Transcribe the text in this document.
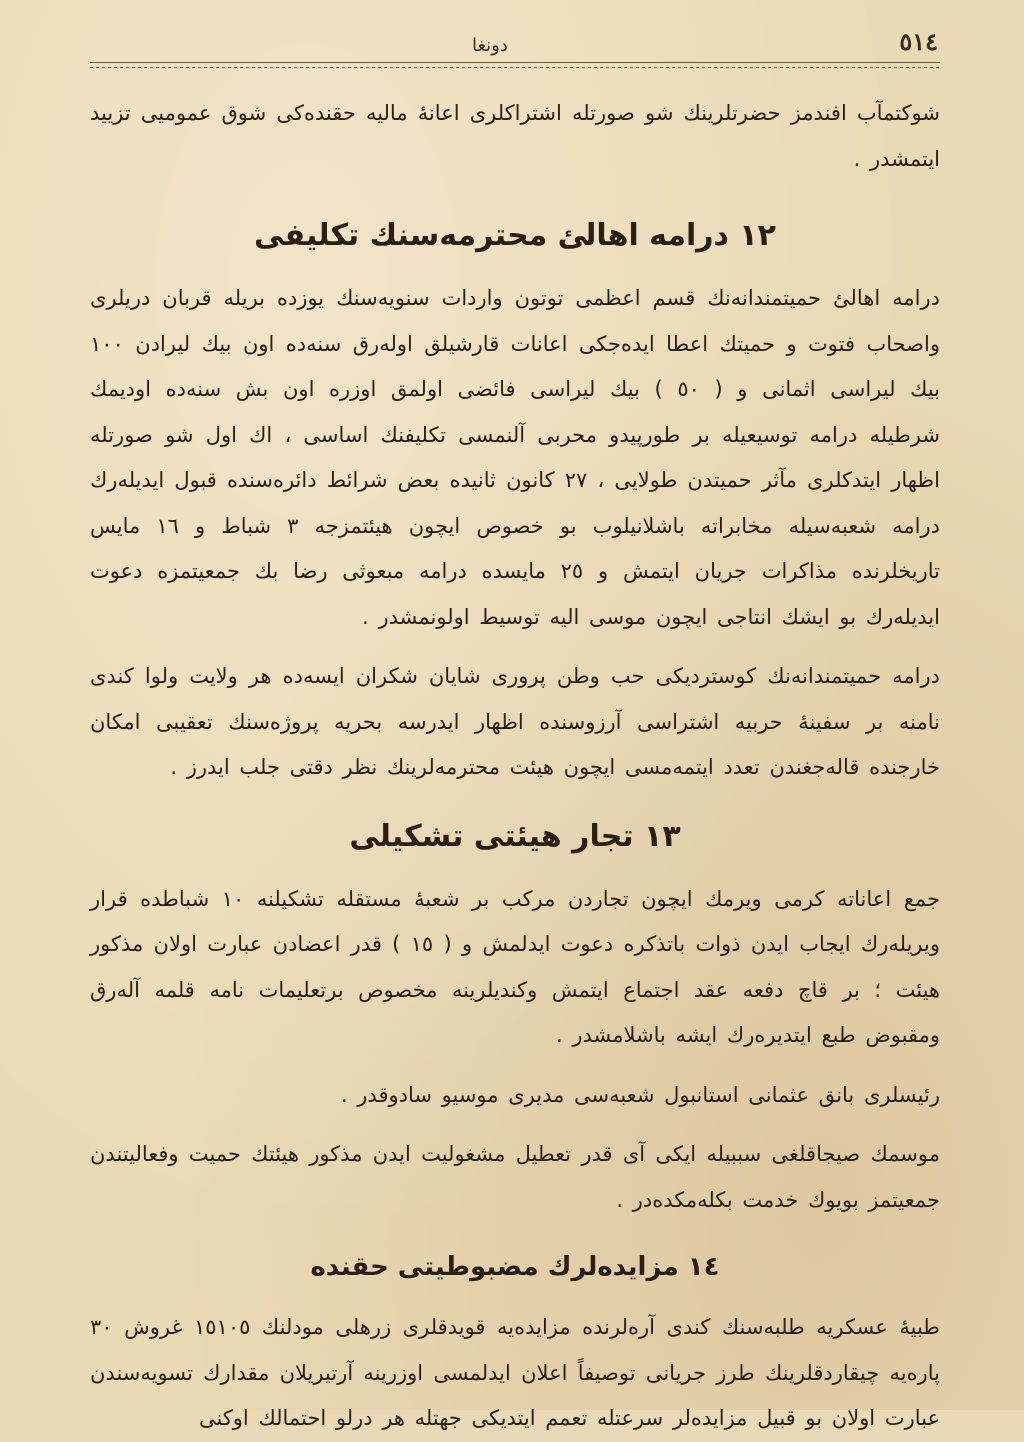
٥١٤
دونغا

شوكتمآب افندمز حضرتلرينك شو صورتله اشتراكلری اعانهٔ ماليه حقنده‌كی شوق عموميی تزييد ايتمشدر .

١٢ درامه اهالئ محترمه‌سنك تكليفی

درامه اهالئ حميتمندانه‌نك قسم اعظمی توتون واردات سنويه‌سنك يوزده بريله قربان دريلری واصحاب فتوت و حميتك اعطا ايده‌جكی اعانات قارشيلق اوله‌رق سنه‌ده اون بيك ليرادن ١٠٠ بيك ليراسی اثمانی و ( ٥٠ ) بيك ليراسی فائضی اولمق اوزره اون بش سنه‌ده اوديمك شرطيله درامه توسيعيله بر طورپيدو محربی آلنمسی تكليفنك اساسی ، اك اول شو صورتله اظهار ايتدكلری مآثر حميتدن طولايی ، ٢٧ كانون ثانيده بعض شرائط دائره‌سنده قبول ايديله‌رك درامه شعبه‌سيله مخابراته باشلانيلوب بو خصوص ايچون هيئتمزجه ٣ شباط و ١٦ مايس تاريخلرنده مذاكرات جريان ايتمش و ٢٥ مايسده درامه مبعوثی رضا بك جمعيتمزه دعوت ايديله‌رك بو ايشك انتاجی ايچون موسی اليه توسيط اولونمشدر .

درامه حميتمندانه‌نك كوستردیكی حب وطن پروری شايان شكران ايسه‌ده هر ولايت ولوا كندی نامنه بر سفينهٔ حربيه اشتراسی آرزوسنده اظهار ايدرسه بحريه پروژه‌سنك تعقيبی امكان خارجنده قاله‌جغندن تعدد ايتمه‌مسی ايچون هيئت محترمه‌لرينك نظر دقتی جلب ايدرز .

١٣ تجار هيئتی تشكيلی

جمع اعاناته كرمی ويرمك ايچون تجاردن مركب بر شعبهٔ مستقله تشكيلنه ١٠ شباطده قرار ويريله‌رك ايجاب ايدن ذوات باتذكره دعوت ايدلمش و ( ١٥ ) قدر اعضادن عبارت اولان مذكور هيئت ؛ بر قاچ دفعه عقد اجتماع ايتمش وكنديلرينه مخصوص برتعليمات نامه قلمه آله‌رق ومقبوض طبع ايتديره‌رك ايشه باشلامشدر .

رئيسلری بانق عثمانی استانبول شعبه‌سی مديری موسيو سادوقدر .

موسمك صيجاقلغی سببيله ايكی آی قدر تعطيل مشغوليت ايدن مذكور هيئتك حميت وفعاليتندن جمعيتمز بويوك خدمت بكله‌مكده‌در .

١٤ مزايده‌لرك مضبوطيتی حقنده

طبيهٔ عسكريه طلبه‌سنك كندی آره‌لرنده مزايده‌يه قويدقلری زرهلی مودلنك ١٥١٠٥ غروش ٣٠ پاره‌يه چيقاردقلرينك طرز جريانی توصيفاً اعلان ايدلمسی اوزرينه آرتيريلان مقدارك تسويه‌سندن عبارت اولان بو قبيل مزايده‌لر سرعتله تعمم ايتديكی جهتله هر درلو احتمالك اوكنی
